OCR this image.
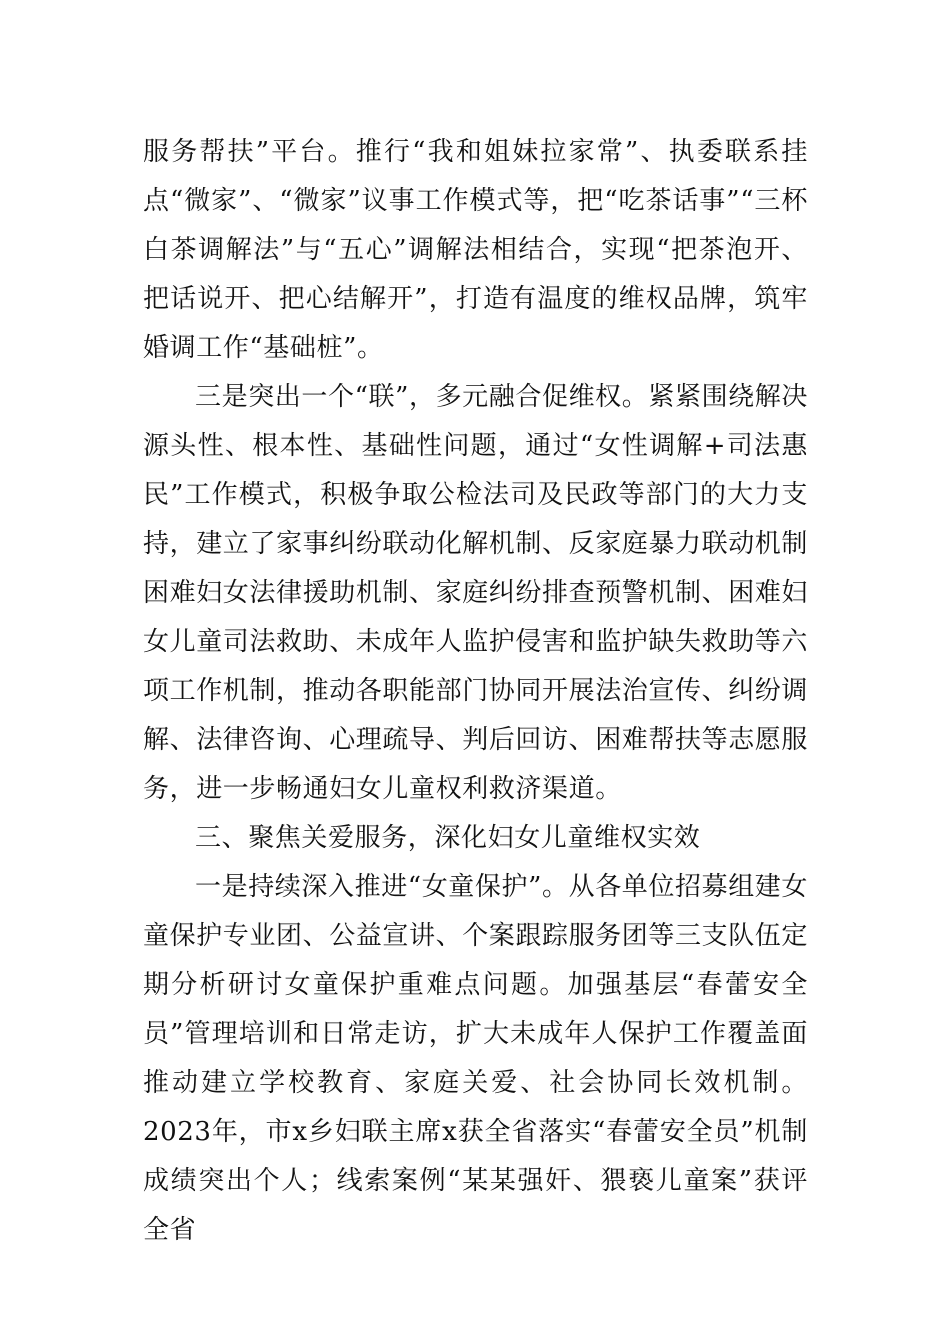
服务帮扶”平台。推行“我和姐妹拉家常”、执委联系挂点“微家”、“微家”议事工作模式等，把“吃茶话事”“三杯白茶调解法”与“五心”调解法相结合，实现“把茶泡开、把话说开、把心结解开”，打造有温度的维权品牌，筑牢婚调工作“基础桩”。

三是突出一个“联”，多元融合促维权。紧紧围绕解决源头性、根本性、基础性问题，通过“女性调解+司法惠民”工作模式，积极争取公检法司及民政等部门的大力支持，建立了家事纠纷联动化解机制、反家庭暴力联动机制困难妇女法律援助机制、家庭纠纷排查预警机制、困难妇女儿童司法救助、未成年人监护侵害和监护缺失救助等六项工作机制，推动各职能部门协同开展法治宣传、纠纷调解、法律咨询、心理疏导、判后回访、困难帮扶等志愿服务，进一步畅通妇女儿童权利救济渠道。

三、聚焦关爱服务，深化妇女儿童维权实效

一是持续深入推进“女童保护”。从各单位招募组建女童保护专业团、公益宣讲、个案跟踪服务团等三支队伍定期分析研讨女童保护重难点问题。加强基层“春蕾安全员”管理培训和日常走访，扩大未成年人保护工作覆盖面推动建立学校教育、家庭关爱、社会协同长效机制。2023年，市x乡妇联主席x获全省落实“春蕾安全员”机制成绩突出个人；线索案例“某某强奸、猥亵儿童案”获评全省
